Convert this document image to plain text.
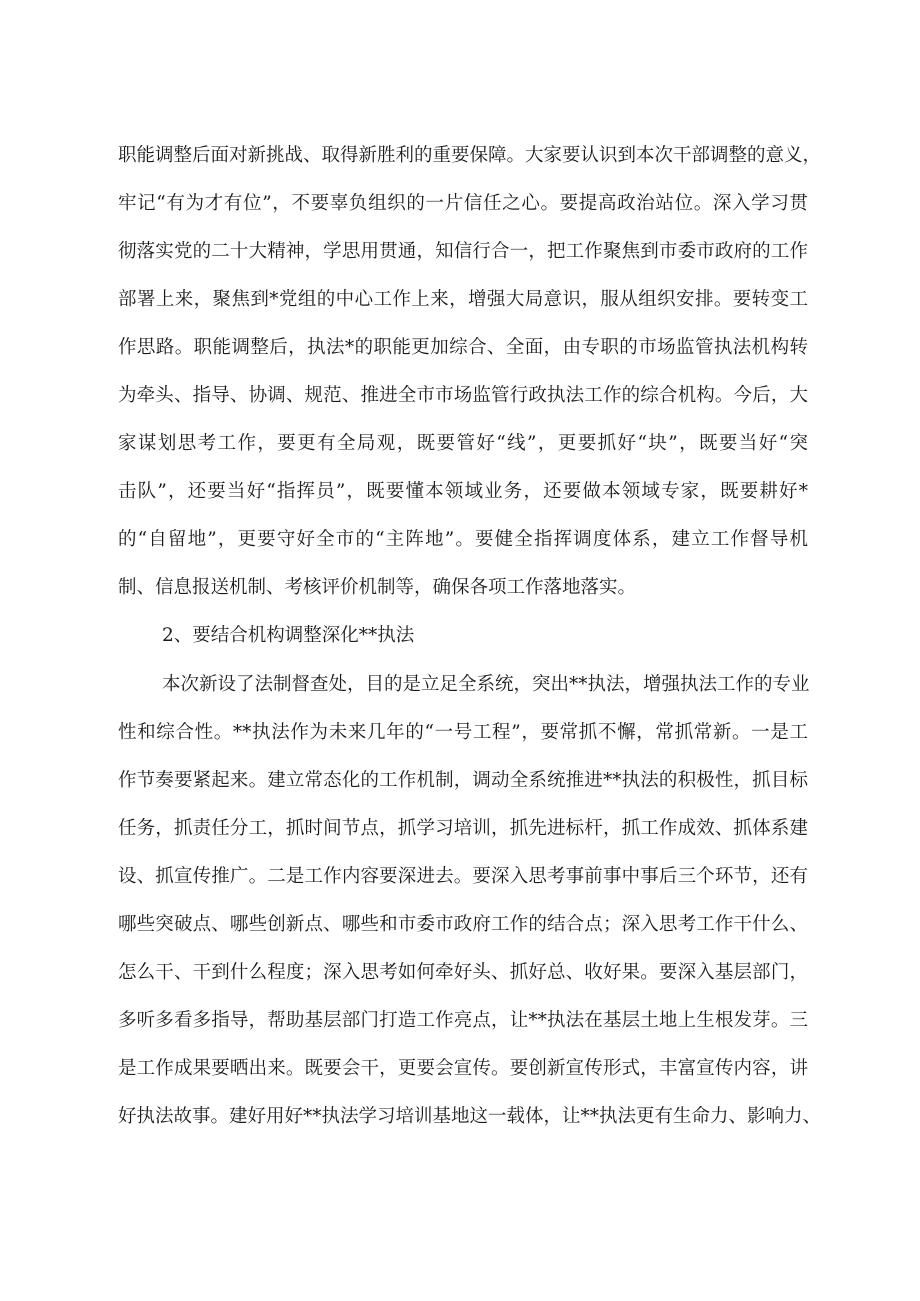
职能调整后面对新挑战、取得新胜利的重要保障。大家要认识到本次干部调整的意义，
牢记“有为才有位”，不要辜负组织的一片信任之心。要提高政治站位。深入学习贯
彻落实党的二十大精神，学思用贯通，知信行合一，把工作聚焦到市委市政府的工作
部署上来，聚焦到*党组的中心工作上来，增强大局意识，服从组织安排。要转变工
作思路。职能调整后，执法*的职能更加综合、全面，由专职的市场监管执法机构转
为牵头、指导、协调、规范、推进全市市场监管行政执法工作的综合机构。今后，大
家谋划思考工作，要更有全局观，既要管好“线”，更要抓好“块”，既要当好“突
击队”，还要当好“指挥员”，既要懂本领域业务，还要做本领域专家，既要耕好*
的“自留地”，更要守好全市的“主阵地”。要健全指挥调度体系，建立工作督导机
制、信息报送机制、考核评价机制等，确保各项工作落地落实。
2、要结合机构调整深化**执法
本次新设了法制督查处，目的是立足全系统，突出**执法，增强执法工作的专业
性和综合性。**执法作为未来几年的“一号工程”，要常抓不懈，常抓常新。一是工
作节奏要紧起来。建立常态化的工作机制，调动全系统推进**执法的积极性，抓目标
任务，抓责任分工，抓时间节点，抓学习培训，抓先进标杆，抓工作成效、抓体系建
设、抓宣传推广。二是工作内容要深进去。要深入思考事前事中事后三个环节，还有
哪些突破点、哪些创新点、哪些和市委市政府工作的结合点；深入思考工作干什么、
怎么干、干到什么程度；深入思考如何牵好头、抓好总、收好果。要深入基层部门，
多听多看多指导，帮助基层部门打造工作亮点，让**执法在基层土地上生根发芽。三
是工作成果要晒出来。既要会干，更要会宣传。要创新宣传形式，丰富宣传内容，讲
好执法故事。建好用好**执法学习培训基地这一载体，让**执法更有生命力、影响力、
